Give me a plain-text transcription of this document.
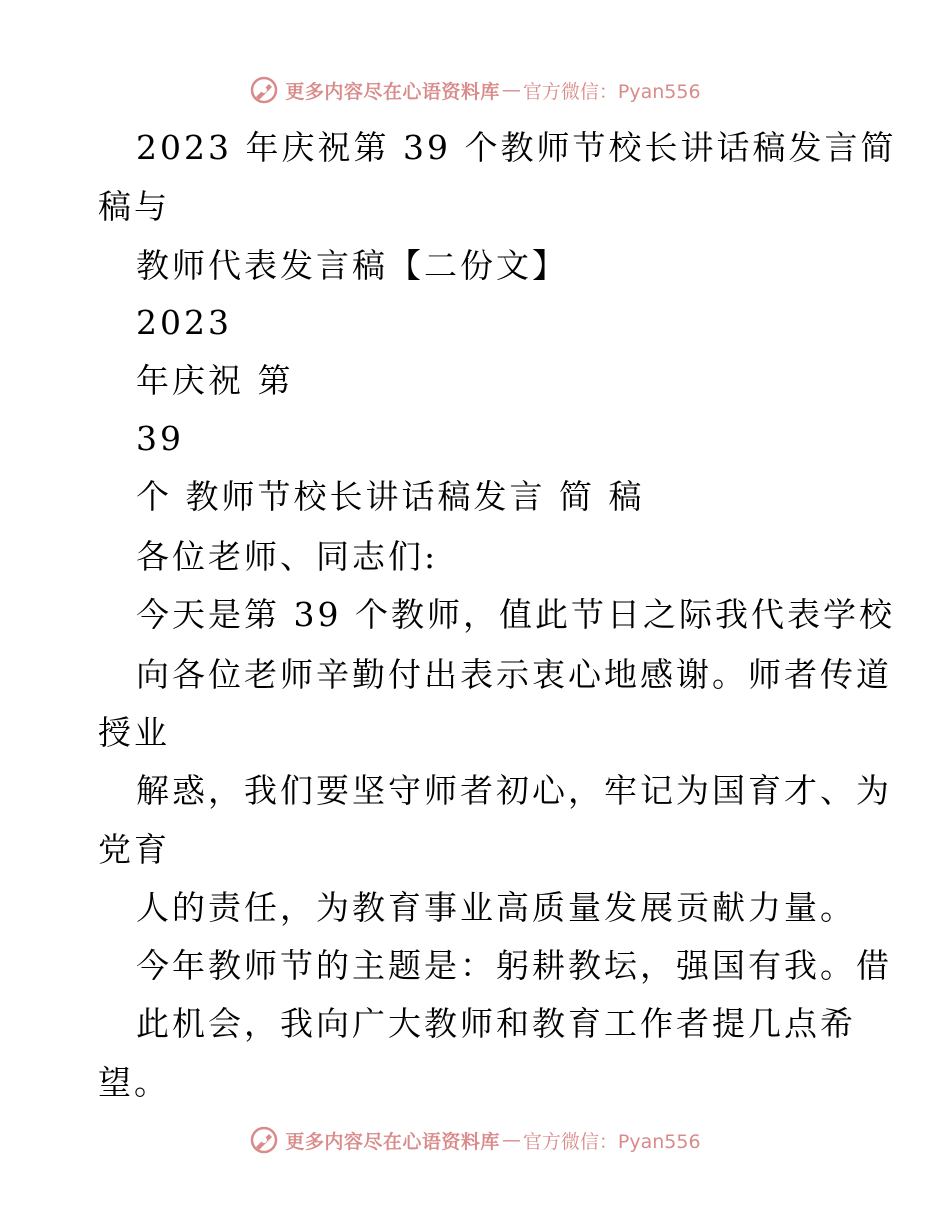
更多内容尽在心语资料库 — 官方微信：Pyan556
2023 年庆祝第 39 个教师节校长讲话稿发言简
稿与
教师代表发言稿【二份文】
2023
年庆祝 第
39
个 教师节校长讲话稿发言 简 稿
各位老师、同志们:
今天是第 39 个教师，值此节日之际我代表学校
向各位老师辛勤付出表示衷心地感谢。师者传道
授业
解惑，我们要坚守师者初心，牢记为国育才、为
党育
人的责任，为教育事业高质量发展贡献力量。
今年教师节的主题是：躬耕教坛，强国有我。借
此机会，我向广大教师和教育工作者提几点希
望。
更多内容尽在心语资料库 — 官方微信：Pyan556
